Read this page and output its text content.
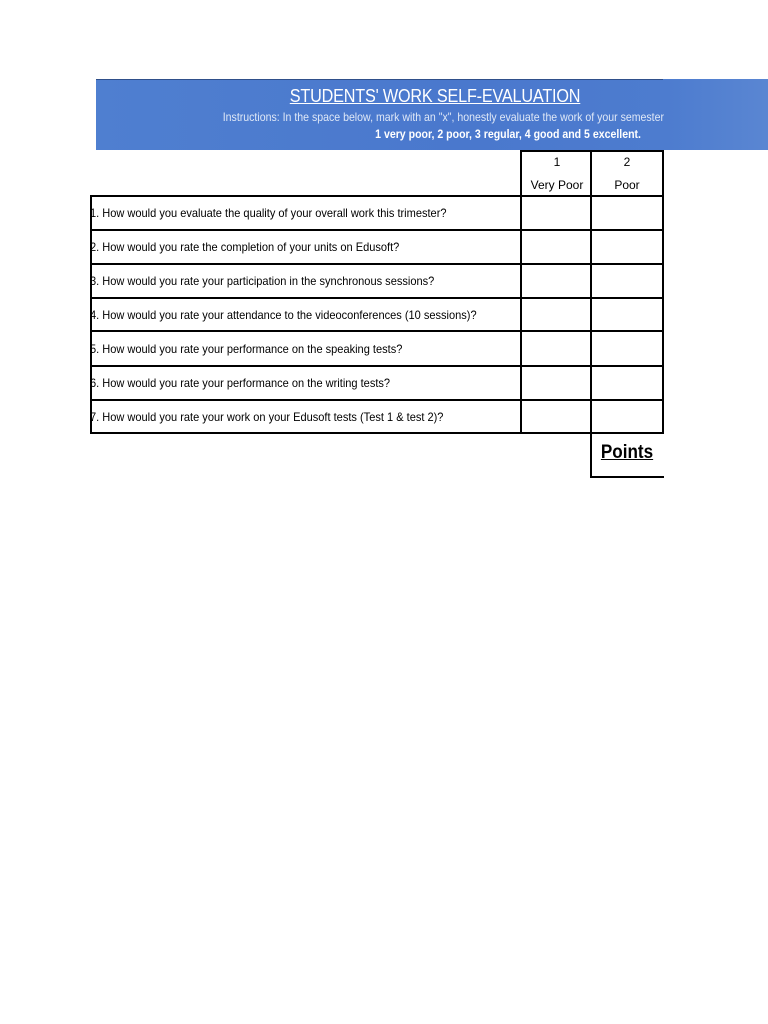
STUDENTS' WORK SELF-EVALUATION
Instructions: In the space below, mark with an "x", honestly evaluate the work of your semester
1 very poor, 2 poor, 3 regular, 4 good and 5 excellent.
1
Very Poor
2
Poor
1. How would you evaluate the quality of your overall work this trimester?
2. How would you rate the completion of your units on Edusoft?
3. How would you rate your participation in the synchronous sessions?
4. How would you rate your attendance to the videoconferences (10 sessions)?
5. How would you rate your performance on the speaking tests?
6. How would you rate your performance on the writing tests?
7. How would you rate your work on your Edusoft tests (Test 1 & test 2)?
Points
